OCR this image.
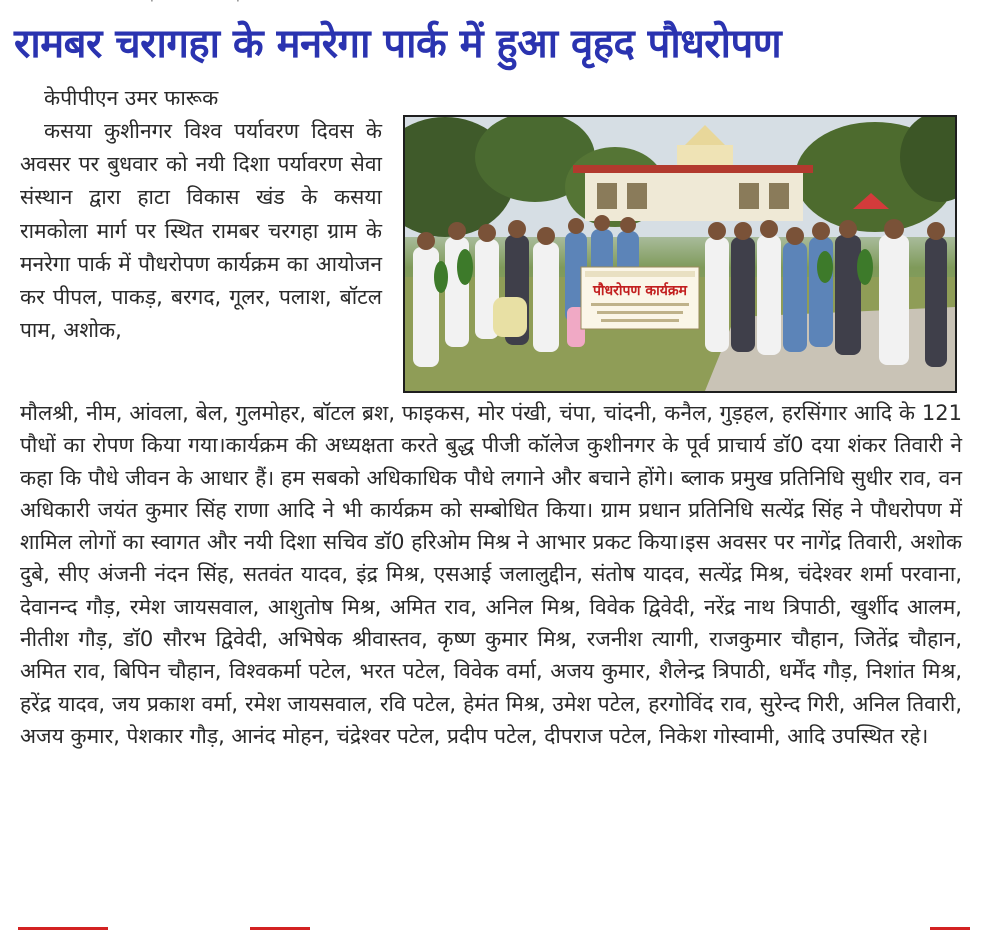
·	·
रामबर चरागहा के मनरेगा पार्क में हुआ वृहद पौधरोपण
केपीपीएन उमर फारूक

कसया कुशीनगर विश्व पर्यावरण दिवस के अवसर पर बुधवार को नयी दिशा पर्यावरण सेवा संस्थान द्वारा हाटा विकास खंड के कसया रामकोला मार्ग पर स्थित रामबर चरगहा ग्राम के मनरेगा पार्क में पौधरोपण कार्यक्रम का आयोजन कर पीपल, पाकड़, बरगद, गूलर, पलाश, बॉटल पाम, अशोक,

पौधरोपण कार्यक्रम

मौलश्री, नीम, आंवला, बेल, गुलमोहर, बॉटल ब्रश, फाइकस, मोर पंखी, चंपा, चांदनी, कनैल, गुड़हल, हरसिंगार आदि के 121 पौधों का रोपण किया गया।कार्यक्रम की अध्यक्षता करते बुद्ध पीजी कॉलेज कुशीनगर के पूर्व प्राचार्य डॉ0 दया शंकर तिवारी ने कहा कि पौधे जीवन के आधार हैं। हम सबको अधिकाधिक पौधे लगाने और बचाने होंगे। ब्लाक प्रमुख प्रतिनिधि सुधीर राव, वन अधिकारी जयंत कुमार सिंह राणा आदि ने भी कार्यक्रम को सम्बोधित किया। ग्राम प्रधान प्रतिनिधि सत्येंद्र सिंह ने पौधरोपण में शामिल लोगों का स्वागत और नयी दिशा सचिव डॉ0 हरिओम मिश्र ने आभार प्रकट किया।इस अवसर पर नागेंद्र तिवारी, अशोक दुबे, सीए अंजनी नंदन सिंह, सतवंत यादव, इंद्र मिश्र, एसआई जलालुद्दीन, संतोष यादव, सत्येंद्र मिश्र, चंदेश्वर शर्मा परवाना, देवानन्द गौड़, रमेश जायसवाल, आशुतोष मिश्र, अमित राव, अनिल मिश्र, विवेक द्विवेदी, नरेंद्र नाथ त्रिपाठी, खुर्शीद आलम, नीतीश गौड़, डॉ0 सौरभ द्विवेदी, अभिषेक श्रीवास्तव, कृष्ण कुमार मिश्र, रजनीश त्यागी, राजकुमार चौहान, जितेंद्र चौहान, अमित राव, बिपिन चौहान, विश्वकर्मा पटेल, भरत पटेल, विवेक वर्मा, अजय कुमार, शैलेन्द्र त्रिपाठी, धर्मेंद गौड़, निशांत मिश्र, हरेंद्र यादव, जय प्रकाश वर्मा, रमेश जायसवाल, रवि पटेल, हेमंत मिश्र, उमेश पटेल, हरगोविंद राव, सुरेन्द गिरी, अनिल तिवारी, अजय कुमार, पेशकार गौड़, आनंद मोहन, चंद्रेश्वर पटेल, प्रदीप पटेल, दीपराज पटेल, निकेश गोस्वामी, आदि उपस्थित रहे।
